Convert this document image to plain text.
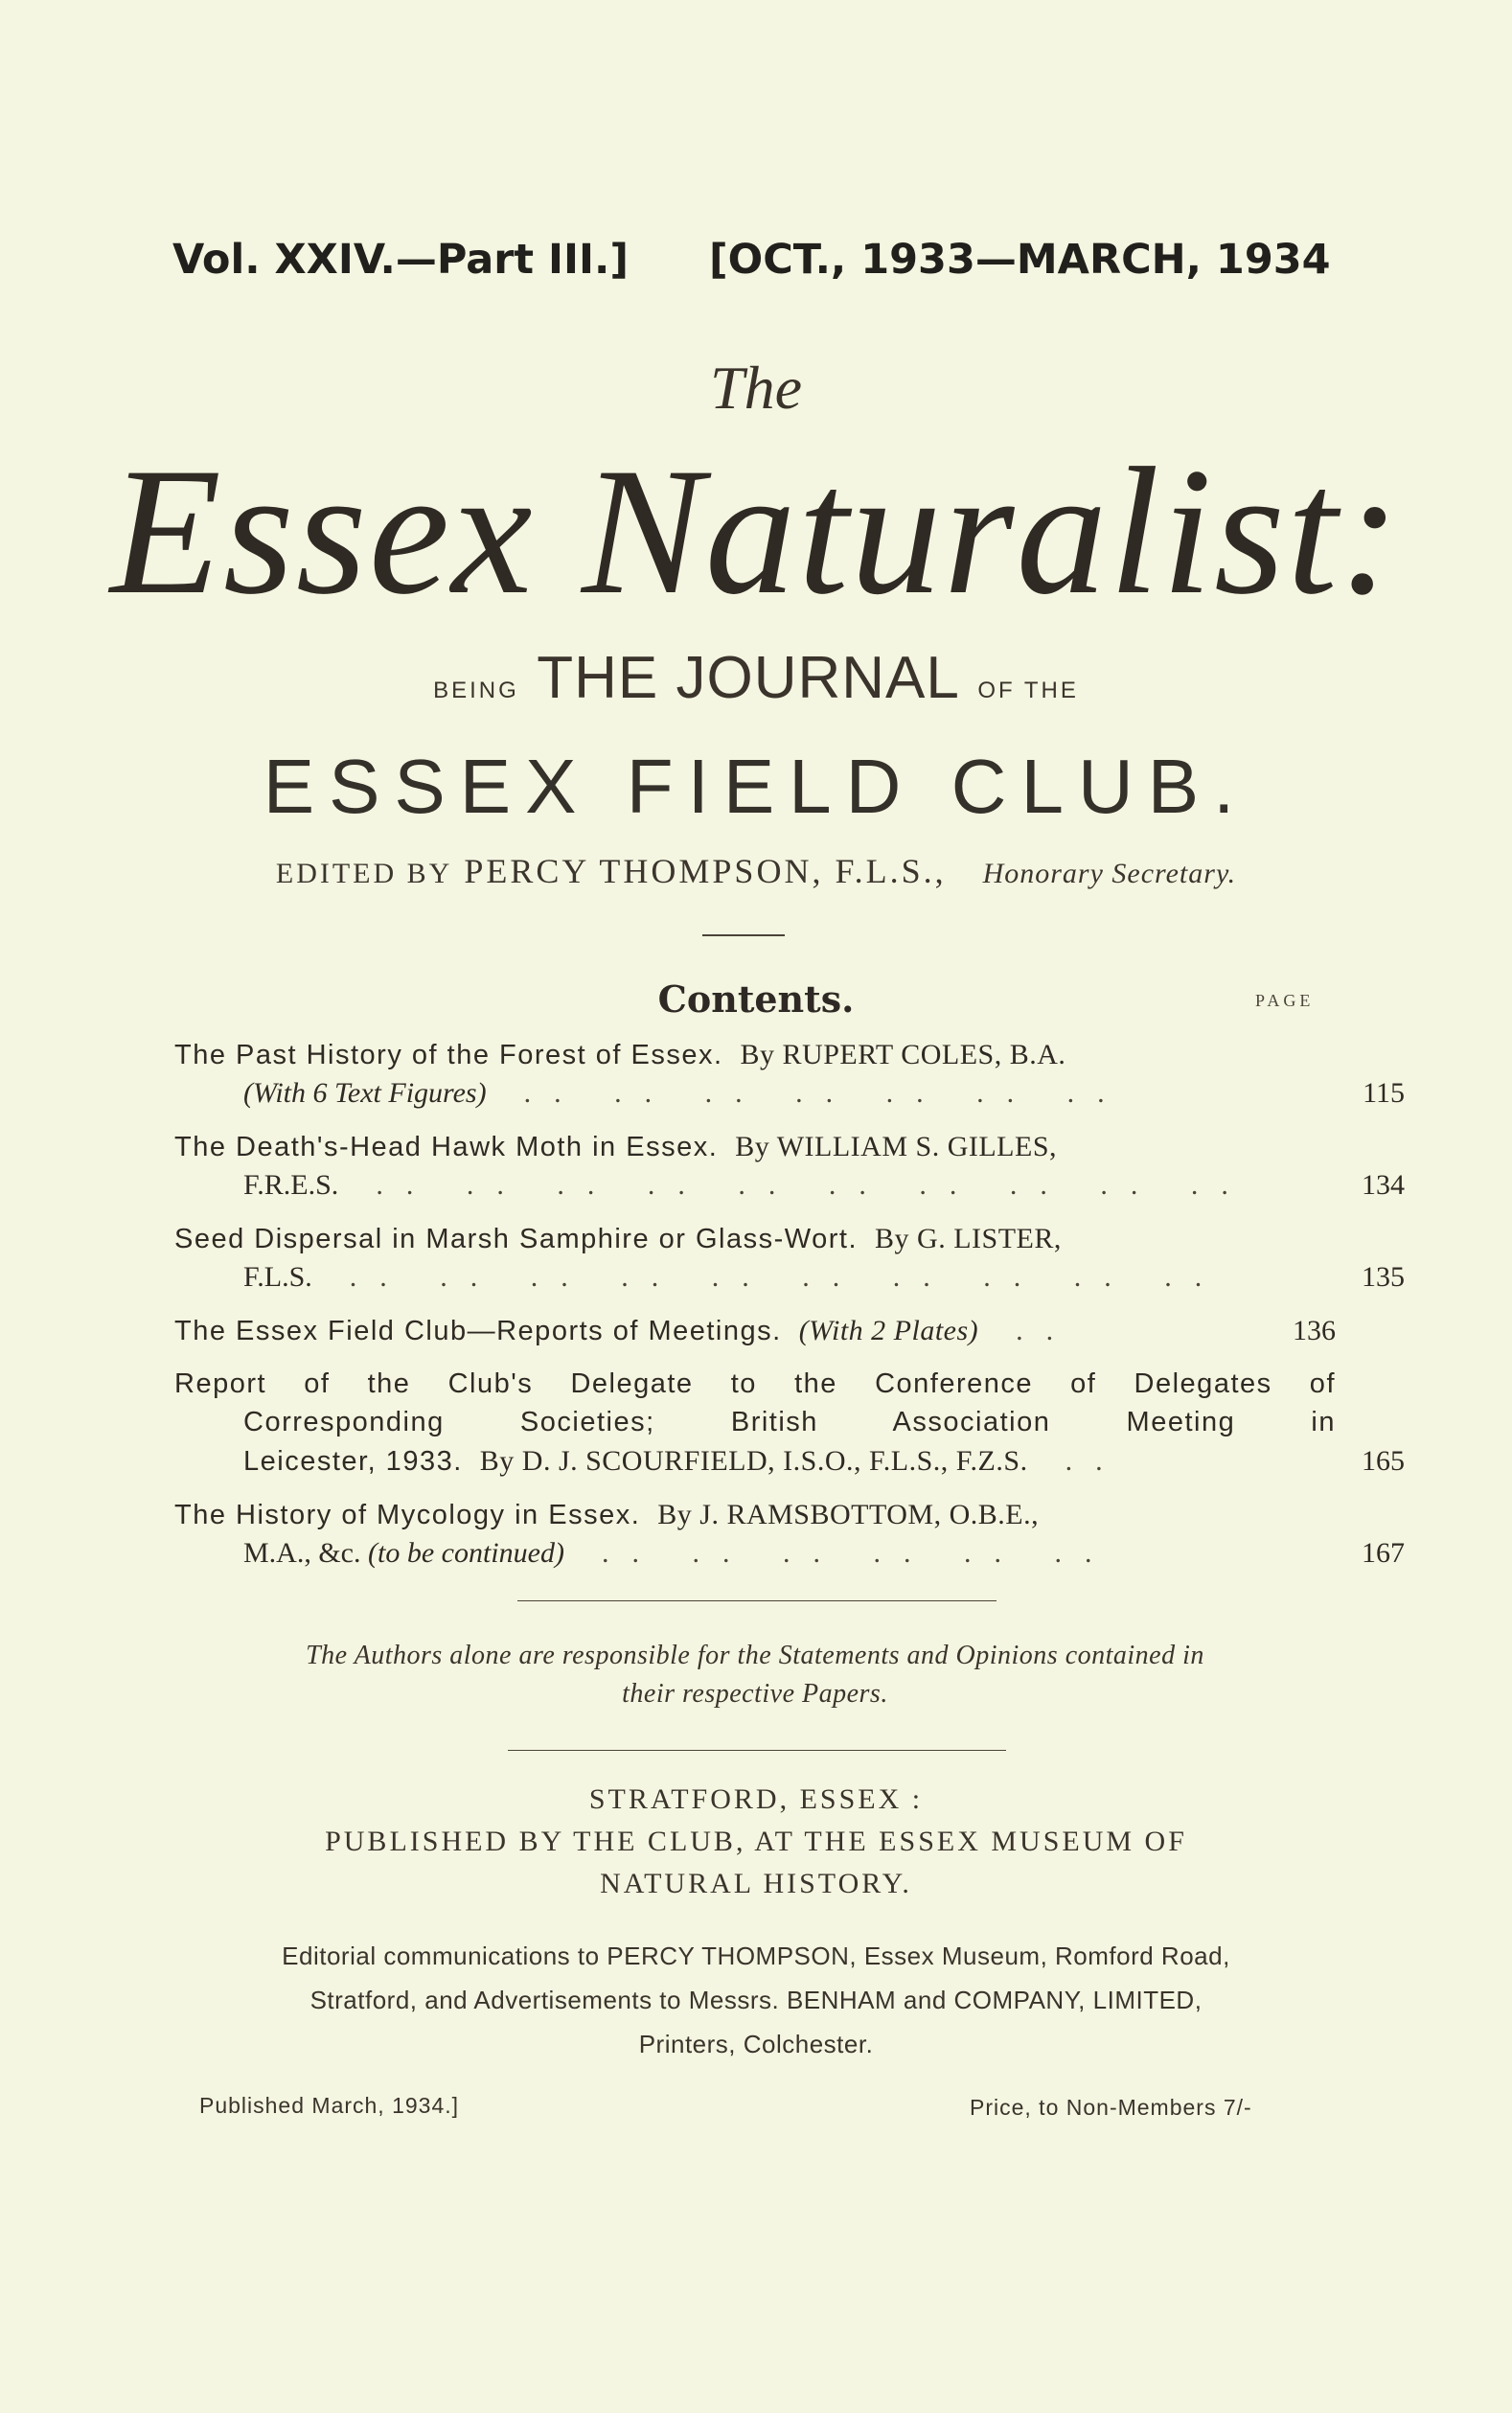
Vol. XXIV.—Part III.] [OCT., 1933—MARCH, 1934
The
Essex Naturalist:
BEING THE JOURNAL OF THE
ESSEX FIELD CLUB.
EDITED BY PERCY THOMPSON, F.L.S., Honorary Secretary.
Contents.	PAGE
The Past History of the Forest of Essex. By RUPERT COLES, B.A.
(With 6 Text Figures)  .. .. .. .. .. .. ..	115
The Death's-Head Hawk Moth in Essex. By WILLIAM S. GILLES,
F.R.E.S.  .. .. .. .. .. .. .. .. .. ..	134
Seed Dispersal in Marsh Samphire or Glass-Wort. By G. LISTER,
F.L.S.  .. .. .. .. .. .. .. .. .. ..	135
The Essex Field Club—Reports of Meetings. (With 2 Plates)  ..	136
Report of the Club's Delegate to the Conference of Delegates of
Corresponding Societies; British Association Meeting in
Leicester, 1933. By D. J. SCOURFIELD, I.S.O., F.L.S., F.Z.S.  ..	165
The History of Mycology in Essex. By J. RAMSBOTTOM, O.B.E.,
M.A., &c. (to be continued)  .. .. .. .. .. ..	167
The Authors alone are responsible for the Statements and Opinions contained in
their respective Papers.
STRATFORD, ESSEX :
PUBLISHED BY THE CLUB, AT THE ESSEX MUSEUM OF
NATURAL HISTORY.
Editorial communications to PERCY THOMPSON, Essex Museum, Romford Road,
Stratford, and Advertisements to Messrs. BENHAM and COMPANY, LIMITED,
Printers, Colchester.
Published March, 1934.]	Price, to Non-Members 7/-
